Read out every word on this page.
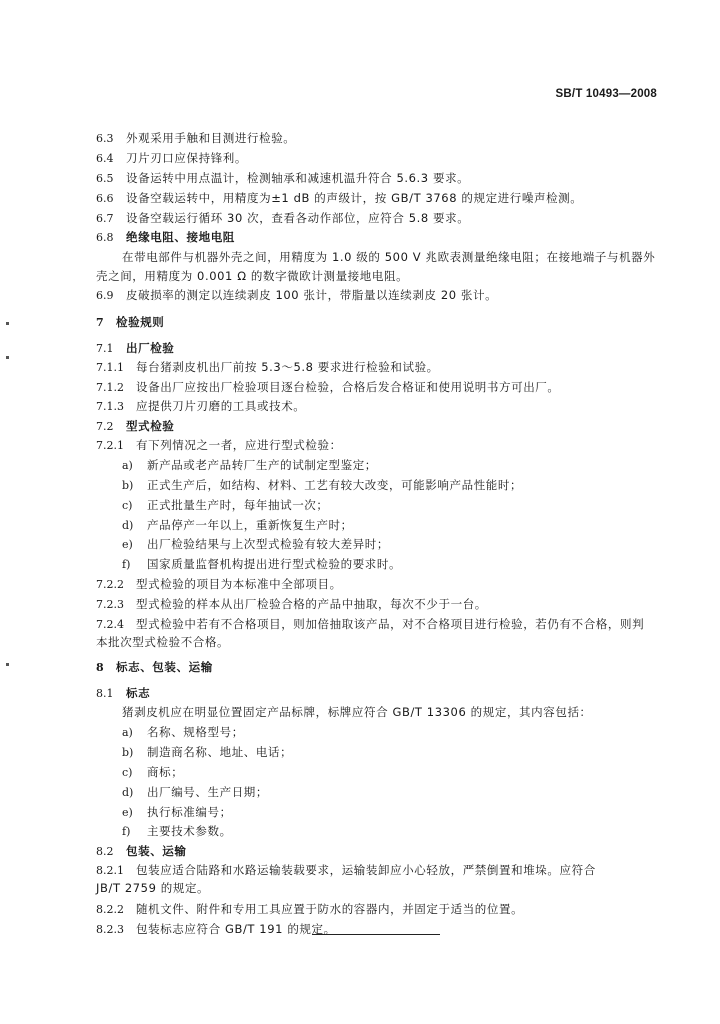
SB/T 10493—2008
6.3 外观采用手触和目测进行检验。
6.4 刀片刃口应保持锋利。
6.5 设备运转中用点温计，检测轴承和减速机温升符合 5.6.3 要求。
6.6 设备空载运转中，用精度为±1 dB 的声级计，按 GB/T 3768 的规定进行噪声检测。
6.7 设备空载运行循环 30 次，查看各动作部位，应符合 5.8 要求。
6.8 绝缘电阻、接地电阻
在带电部件与机器外壳之间，用精度为 1.0 级的 500 V 兆欧表测量绝缘电阻；在接地端子与机器外
壳之间，用精度为 0.001 Ω 的数字微欧计测量接地电阻。
6.9 皮破损率的测定以连续剥皮 100 张计，带脂量以连续剥皮 20 张计。
7 检验规则
7.1 出厂检验
7.1.1 每台猪剥皮机出厂前按 5.3～5.8 要求进行检验和试验。
7.1.2 设备出厂应按出厂检验项目逐台检验，合格后发合格证和使用说明书方可出厂。
7.1.3 应提供刀片刃磨的工具或技术。
7.2 型式检验
7.2.1 有下列情况之一者，应进行型式检验：
a) 新产品或老产品转厂生产的试制定型鉴定；
b) 正式生产后，如结构、材料、工艺有较大改变，可能影响产品性能时；
c) 正式批量生产时，每年抽试一次；
d) 产品停产一年以上，重新恢复生产时；
e) 出厂检验结果与上次型式检验有较大差异时；
f) 国家质量监督机构提出进行型式检验的要求时。
7.2.2 型式检验的项目为本标准中全部项目。
7.2.3 型式检验的样本从出厂检验合格的产品中抽取，每次不少于一台。
7.2.4 型式检验中若有不合格项目，则加倍抽取该产品，对不合格项目进行检验，若仍有不合格，则判
本批次型式检验不合格。
8 标志、包装、运输
8.1 标志
猪剥皮机应在明显位置固定产品标牌，标牌应符合 GB/T 13306 的规定，其内容包括：
a) 名称、规格型号；
b) 制造商名称、地址、电话；
c) 商标；
d) 出厂编号、生产日期；
e) 执行标准编号；
f) 主要技术参数。
8.2 包装、运输
8.2.1 包装应适合陆路和水路运输装载要求，运输装卸应小心轻放，严禁倒置和堆垛。应符合
JB/T 2759 的规定。
8.2.2 随机文件、附件和专用工具应置于防水的容器内，并固定于适当的位置。
8.2.3 包装标志应符合 GB/T 191 的规定。
